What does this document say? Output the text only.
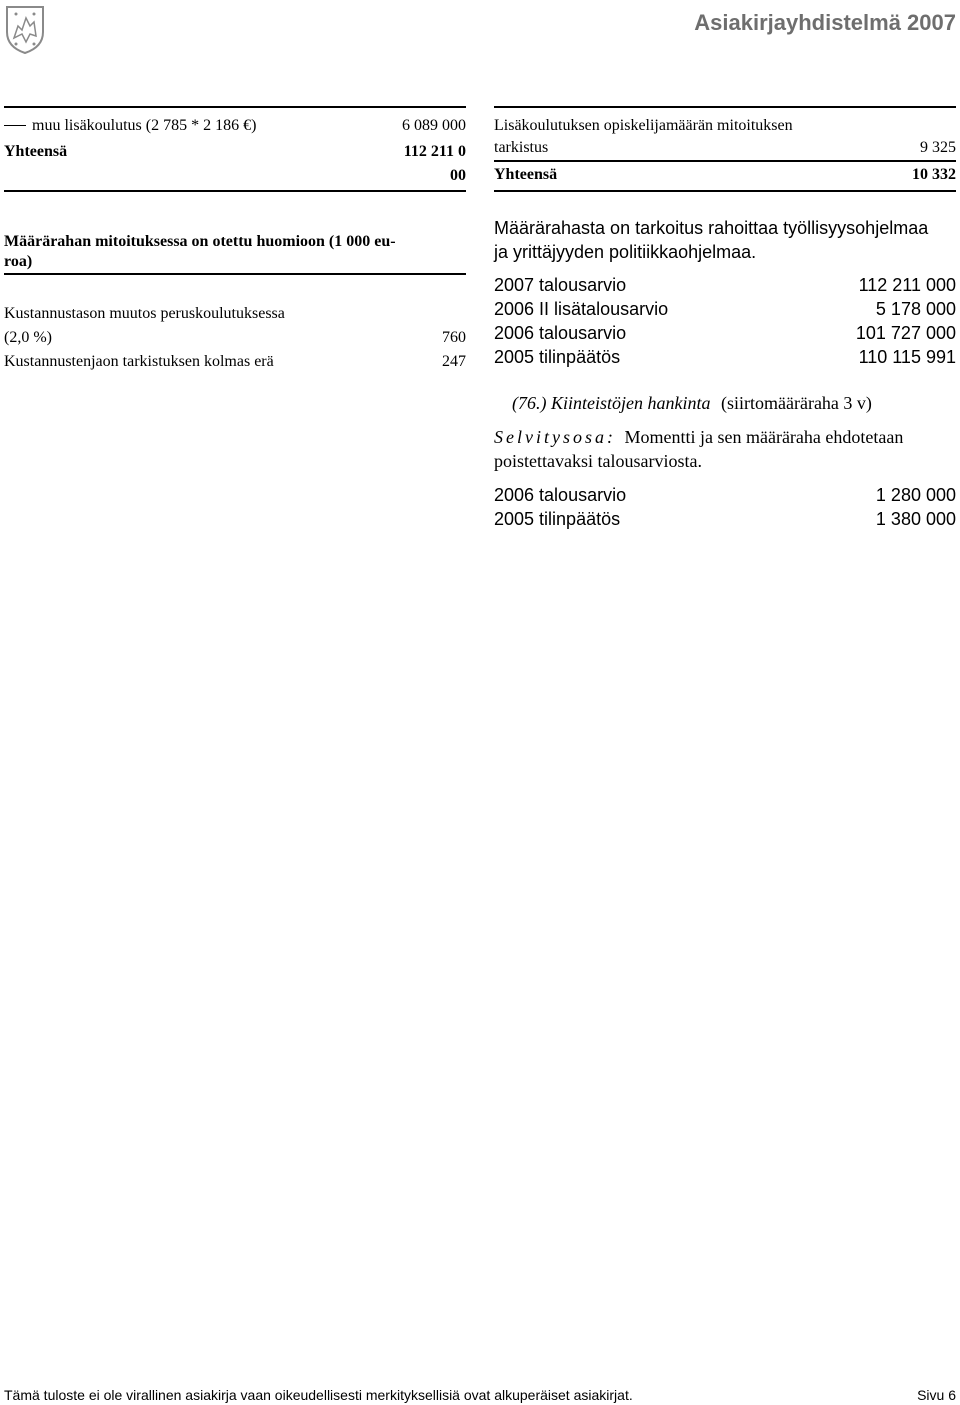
Asiakirjayhdistelmä 2007
muu lisäkoulutus (2 785 * 2 186 €)	6 089 000
Yhteensä	112 211 0
00
Määrärahan mitoituksessa on otettu huomioon (1 000 eu-
roa)
Kustannustason muutos peruskoulutuksessa
(2,0 %)	760
Kustannustenjaon tarkistuksen kolmas erä	247
Lisäkoulutuksen opiskelijamäärän mitoituksen
tarkistus	9 325
Yhteensä	10 332
Määrärahasta on tarkoitus rahoittaa työllisyysohjelmaa
ja yrittäjyyden politiikkaohjelmaa.
2007 talousarvio	112 211 000
2006 II lisätalousarvio	5 178 000
2006 talousarvio	101 727 000
2005 tilinpäätös	110 115 991
(76.) Kiinteistöjen hankinta (siirtomääräraha 3 v)
Selvitysosa: Momentti ja sen määräraha ehdotetaan
poistettavaksi talousarviosta.
2006 talousarvio	1 280 000
2005 tilinpäätös	1 380 000
Tämä tuloste ei ole virallinen asiakirja vaan oikeudellisesti merkityksellisiä ovat alkuperäiset asiakirjat.	Sivu 6
